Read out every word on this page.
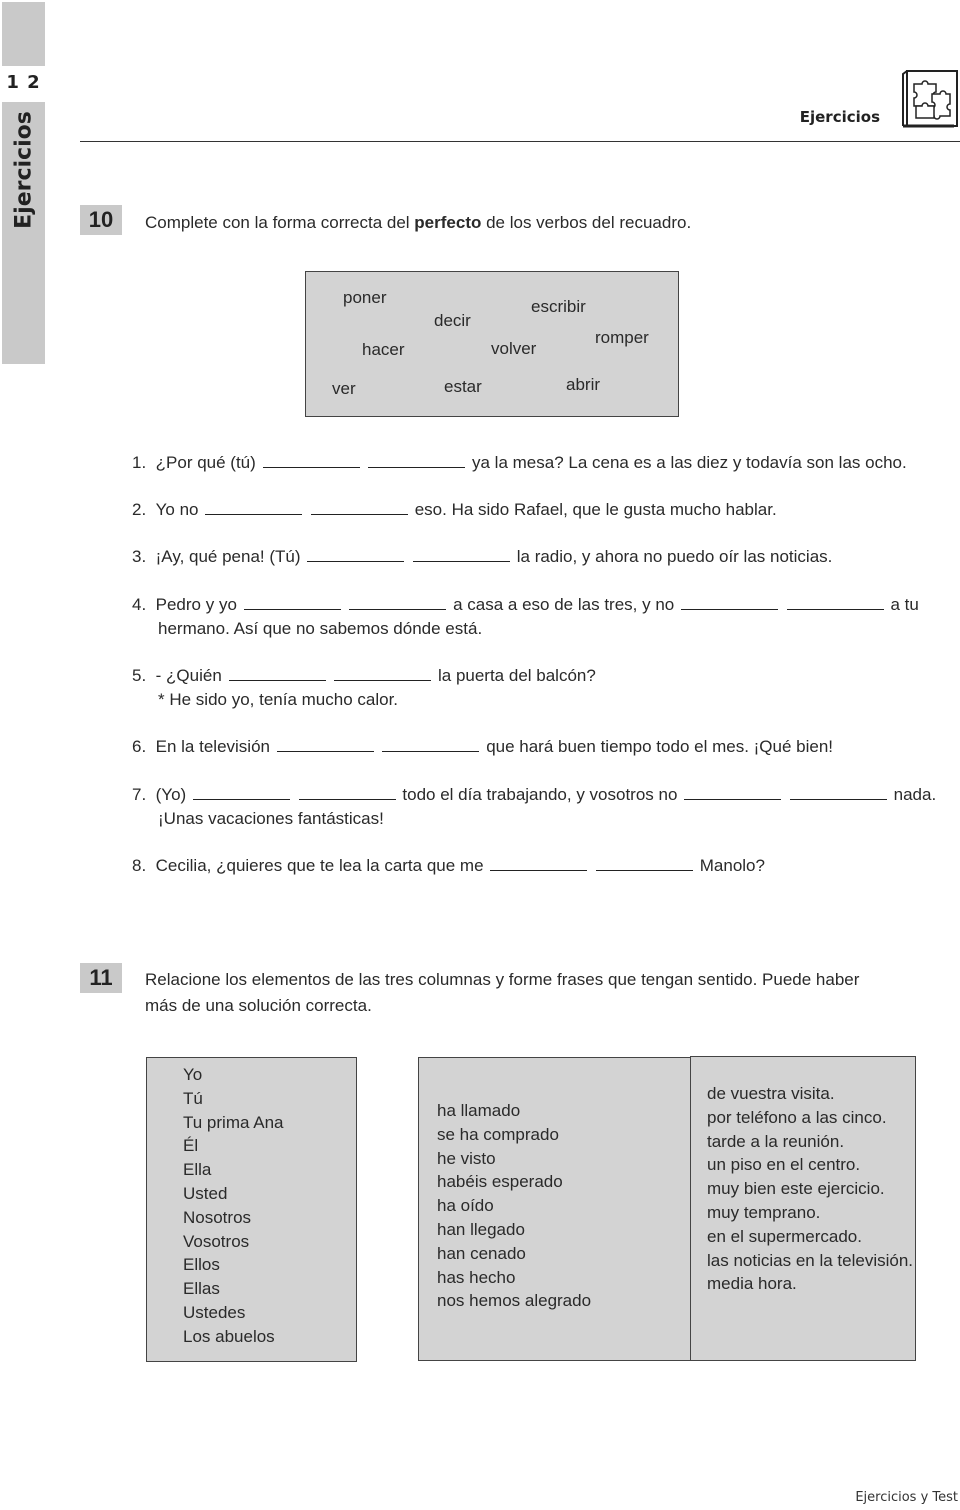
1 2
Ejercicios	Ejercicios
10	Complete con la forma correcta del perfecto de los verbos del recuadro.
poner
decir
escribir
hacer	volver
romper
ver	estar	abrir
1. ¿Por qué (tú)	ya la mesa? La cena es a las diez y todavía son las ocho.
2. Yo no	eso. Ha sido Rafael, que le gusta mucho hablar.
3. ¡Ay, qué pena! (Tú)	la radio, y ahora no puedo oír las noticias.
4. Pedro y yo	a casa a eso de las tres, y no	a tu
hermano. Así que no sabemos dónde está.
5. - ¿Quién	la puerta del balcón?
* He sido yo, tenía mucho calor.
6. En la televisión	que hará buen tiempo todo el mes. ¡Qué bien!
7. (Yo)	todo el día trabajando, y vosotros no	nada.
¡Unas vacaciones fantásticas!
8. Cecilia, ¿quieres que te lea la carta que me	Manolo?
11	Relacione los elementos de las tres columnas y forme frases que tengan sentido. Puede haber
más de una solución correcta.
Yo
Tú
Tu prima Ana
Él
Ella
Usted
Nosotros
Vosotros
Ellos
Ellas
Ustedes
Los abuelos
ha llamado
se ha comprado
he visto
habéis esperado
ha oído
han llegado
han cenado
has hecho
nos hemos alegrado
de vuestra visita.
por teléfono a las cinco.
tarde a la reunión.
un piso en el centro.
muy bien este ejercicio.
muy temprano.
en el supermercado.
las noticias en la televisión.
media hora.
Ejercicios y Test
